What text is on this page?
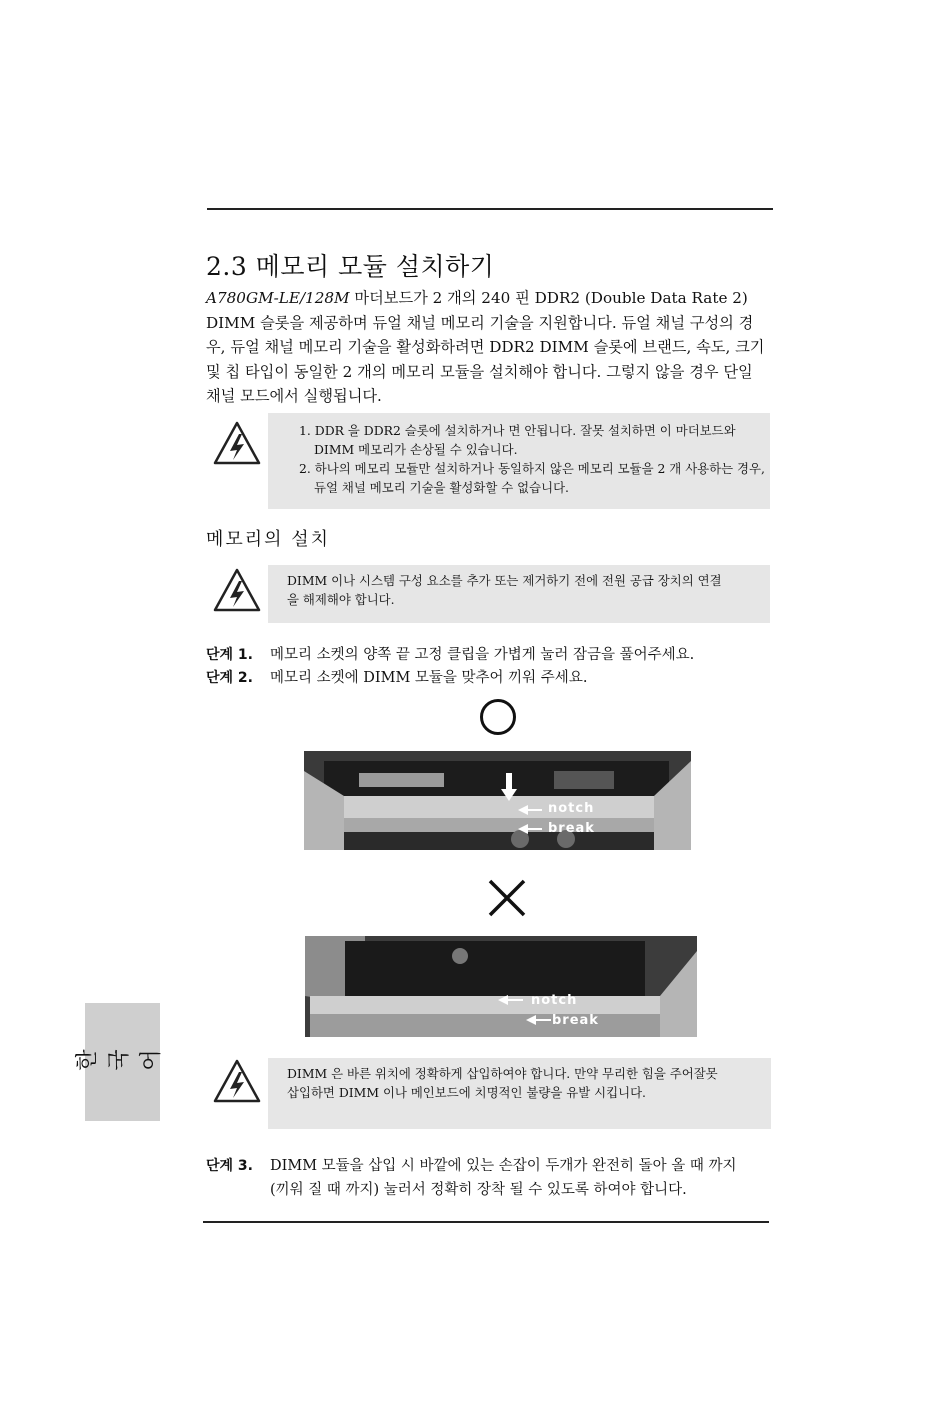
2.3 메모리 모듈 설치하기

A780GM-LE/128M 마더보드가 2 개의 240 핀 DDR2 (Double Data Rate 2) DIMM 슬롯을 제공하며 듀얼 채널 메모리 기술을 지원합니다. 듀얼 채널 구성의 경우, 듀얼 채널 메모리 기술을 활성화하려면 DDR2 DIMM 슬롯에 브랜드, 속도, 크기 및 칩 타입이 동일한 2 개의 메모리 모듈을 설치해야 합니다. 그렇지 않을 경우 단일 채널 모드에서 실행됩니다.

1. DDR 을 DDR2 슬롯에 설치하거나 면 안됩니다. 잘못 설치하면 이 마더보드와 DIMM 메모리가 손상될 수 있습니다.
2. 하나의 메모리 모듈만 설치하거나 동일하지 않은 메모리 모듈을 2 개 사용하는 경우, 듀얼 채널 메모리 기술을 활성화할 수 없습니다.
메모리의 설치

DIMM 이나 시스템 구성 요소를 추가 또는 제거하기 전에 전원 공급 장치의 연결을 해제해야 합니다.

단계 1. 메모리 소켓의 양쪽 끝 고정 클립을 가볍게 눌러 잠금을 풀어주세요.
단계 2. 메모리 소켓에 DIMM 모듈을 맞추어 끼워 주세요.
notch
break
notch
break

DIMM 은 바른 위치에 정확하게 삽입하여야 합니다. 만약 무리한 힘을 주어잘못 삽입하면 DIMM 이나 메인보드에 치명적인 불량을 유발 시킵니다.

단계 3. DIMM 모듈을 삽입 시 바깥에 있는 손잡이 두개가 완전히 돌아 올 때 까지 (끼워 질 때 까지) 눌러서 정확히 장착 될 수 있도록 하여야 합니다.
한국어
